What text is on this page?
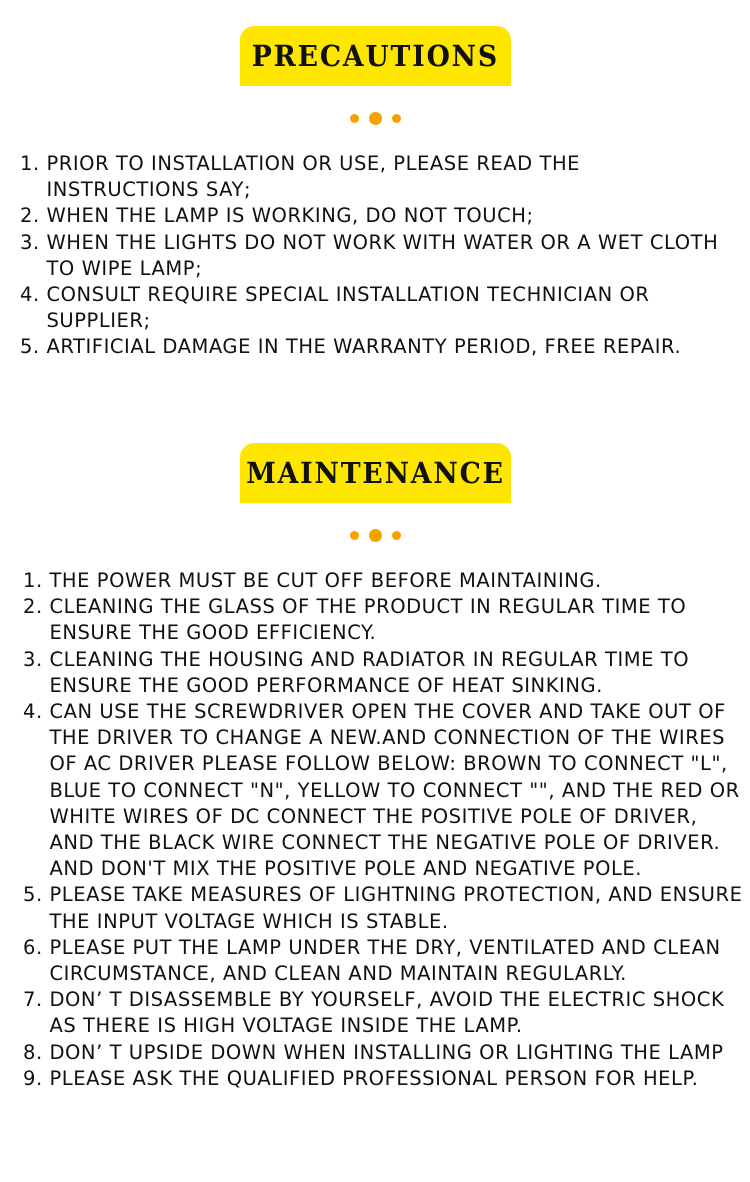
PRECAUTIONS
1.
PRIOR TO INSTALLATION OR USE, PLEASE READ THE INSTRUCTIONS SAY;
2.
WHEN THE LAMP IS WORKING, DO NOT TOUCH;
3.
WHEN THE LIGHTS DO NOT WORK WITH WATER OR A WET CLOTH TO WIPE LAMP;
4.
CONSULT REQUIRE SPECIAL INSTALLATION TECHNICIAN OR SUPPLIER;
5.
ARTIFICIAL DAMAGE IN THE WARRANTY PERIOD, FREE REPAIR.
MAINTENANCE
1.
THE POWER MUST BE CUT OFF BEFORE MAINTAINING.
2.
CLEANING THE GLASS OF THE PRODUCT IN REGULAR TIME TO ENSURE THE GOOD EFFICIENCY.
3.
CLEANING THE HOUSING AND RADIATOR IN REGULAR TIME TO ENSURE THE GOOD PERFORMANCE OF HEAT SINKING.
4.
CAN USE THE SCREWDRIVER OPEN THE COVER AND TAKE OUT OF THE DRIVER TO CHANGE A NEW.AND CONNECTION OF THE WIRES OF AC DRIVER PLEASE FOLLOW BELOW: BROWN TO CONNECT "L", BLUE TO CONNECT "N", YELLOW TO CONNECT "", AND THE RED OR WHITE WIRES OF DC CONNECT THE POSITIVE POLE OF DRIVER, AND THE BLACK WIRE CONNECT THE NEGATIVE POLE OF DRIVER. AND DON'T MIX THE POSITIVE POLE AND NEGATIVE POLE.
5.
PLEASE TAKE MEASURES OF LIGHTNING PROTECTION, AND ENSURE THE INPUT VOLTAGE WHICH IS STABLE.
6.
PLEASE PUT THE LAMP UNDER THE DRY, VENTILATED AND CLEAN CIRCUMSTANCE, AND CLEAN AND MAINTAIN REGULARLY.
7.
DON’ T DISASSEMBLE BY YOURSELF, AVOID THE ELECTRIC SHOCK AS THERE IS HIGH VOLTAGE INSIDE THE LAMP.
8.
DON’ T UPSIDE DOWN WHEN INSTALLING OR LIGHTING THE LAMP
9.
PLEASE ASK THE QUALIFIED PROFESSIONAL PERSON FOR HELP.
